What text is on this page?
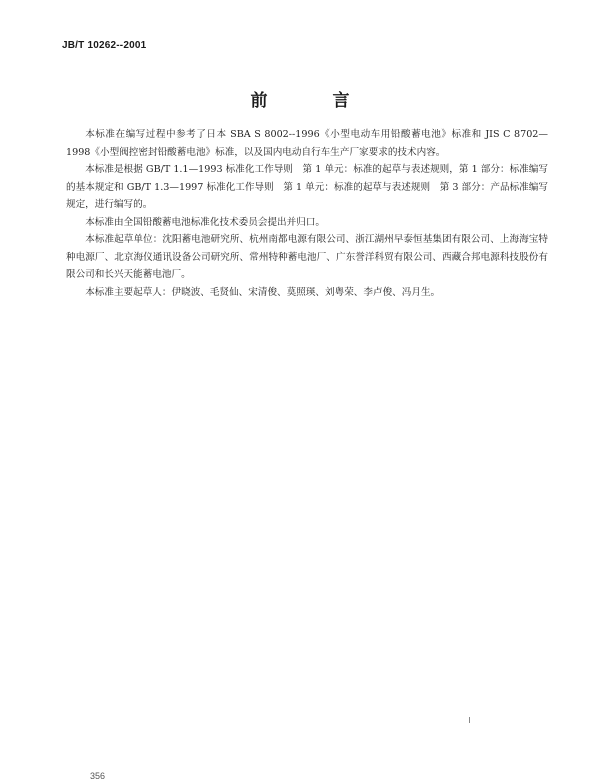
JB/T 10262--2001
前　言

本标准在编写过程中参考了日本 SBA S 8002--1996《小型电动车用铅酸蓄电池》标准和 JIS C 8702—1998《小型阀控密封铅酸蓄电池》标准，以及国内电动自行车生产厂家要求的技术内容。

本标准是根据 GB/T 1.1—1993 标准化工作导则　第 1 单元：标准的起草与表述规则，第 1 部分：标准编写的基本规定和 GB/T 1.3—1997 标准化工作导则　第 1 单元：标准的起草与表述规则　第 3 部分：产品标准编写规定，进行编写的。

本标准由全国铅酸蓄电池标准化技术委员会提出并归口。

本标准起草单位：沈阳蓄电池研究所、杭州南都电源有限公司、浙江湖州早泰恒基集团有限公司、上海海宝特种电源厂、北京海仪通讯设备公司研究所、常州特种蓄电池厂、广东誉洋科贸有限公司、西藏合邦电源科技股份有限公司和长兴天能蓄电池厂。

本标准主要起草人：伊晓波、毛贤仙、宋清俊、莫照瑛、刘粤荣、李卢俊、冯月生。

356
